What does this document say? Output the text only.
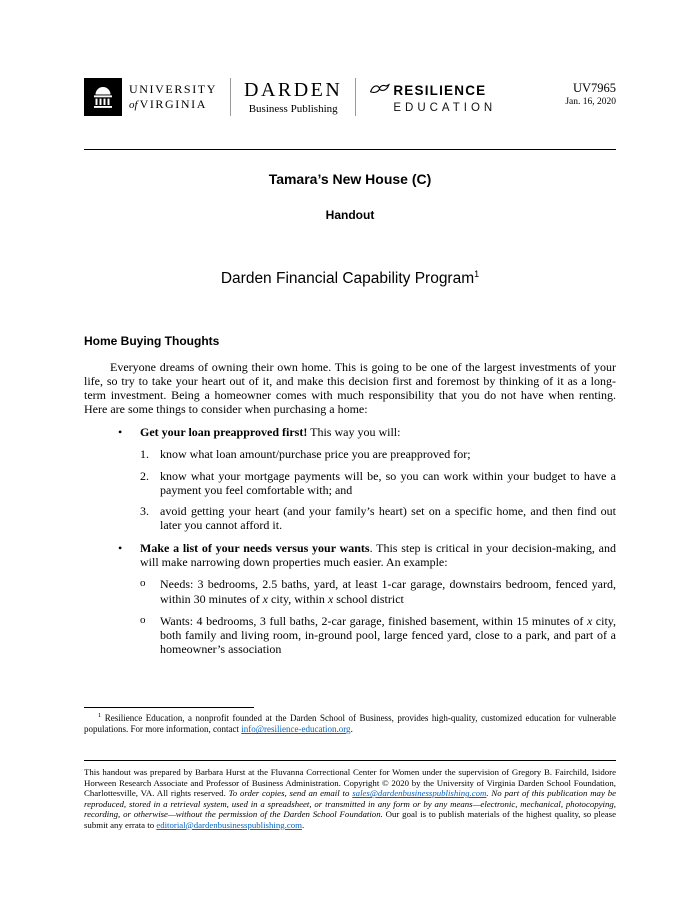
UNIVERSITY
of VIRGINIA
DARDEN
Business Publishing
RESILIENCE
EDUCATION
UV7965
Jan. 16, 2020
Tamara’s New House (C)
Handout
Darden Financial Capability Program$^1$
Home Buying Thoughts

Everyone dreams of owning their own home. This is going to be one of the largest investments of your life, so try to take your heart out of it, and make this decision first and foremost by thinking of it as a long-term investment. Being a homeowner comes with much responsibility that you do not have when renting. Here are some things to consider when purchasing a home:

•	Get your loan preapproved first! This way you will:
1. know what loan amount/purchase price you are preapproved for;
2. know what your mortgage payments will be, so you can work within your budget to have a payment you feel comfortable with; and
3. avoid getting your heart (and your family’s heart) set on a specific home, and then find out later you cannot afford it.
•	Make a list of your needs versus your wants. This step is critical in your decision-making, and will make narrowing down properties much easier. An example:
o	Needs: 3 bedrooms, 2.5 baths, yard, at least 1-car garage, downstairs bedroom, fenced yard, within 30 minutes of x city, within x school district
o	Wants: 4 bedrooms, 3 full baths, 2-car garage, finished basement, within 15 minutes of x city, both family and living room, in-ground pool, large fenced yard, close to a park, and part of a homeowner’s association

$^1$ Resilience Education, a nonprofit founded at the Darden School of Business, provides high-quality, customized education for vulnerable populations. For more information, contact info@resilience-education.org.

This handout was prepared by Barbara Hurst at the Fluvanna Correctional Center for Women under the supervision of Gregory B. Fairchild, Isidore Horween Research Associate and Professor of Business Administration. Copyright © 2020 by the University of Virginia Darden School Foundation, Charlottesville, VA. All rights reserved. To order copies, send an email to sales@dardenbusinesspublishing.com. No part of this publication may be reproduced, stored in a retrieval system, used in a spreadsheet, or transmitted in any form or by any means—electronic, mechanical, photocopying, recording, or otherwise—without the permission of the Darden School Foundation. Our goal is to publish materials of the highest quality, so please submit any errata to editorial@dardenbusinesspublishing.com.
